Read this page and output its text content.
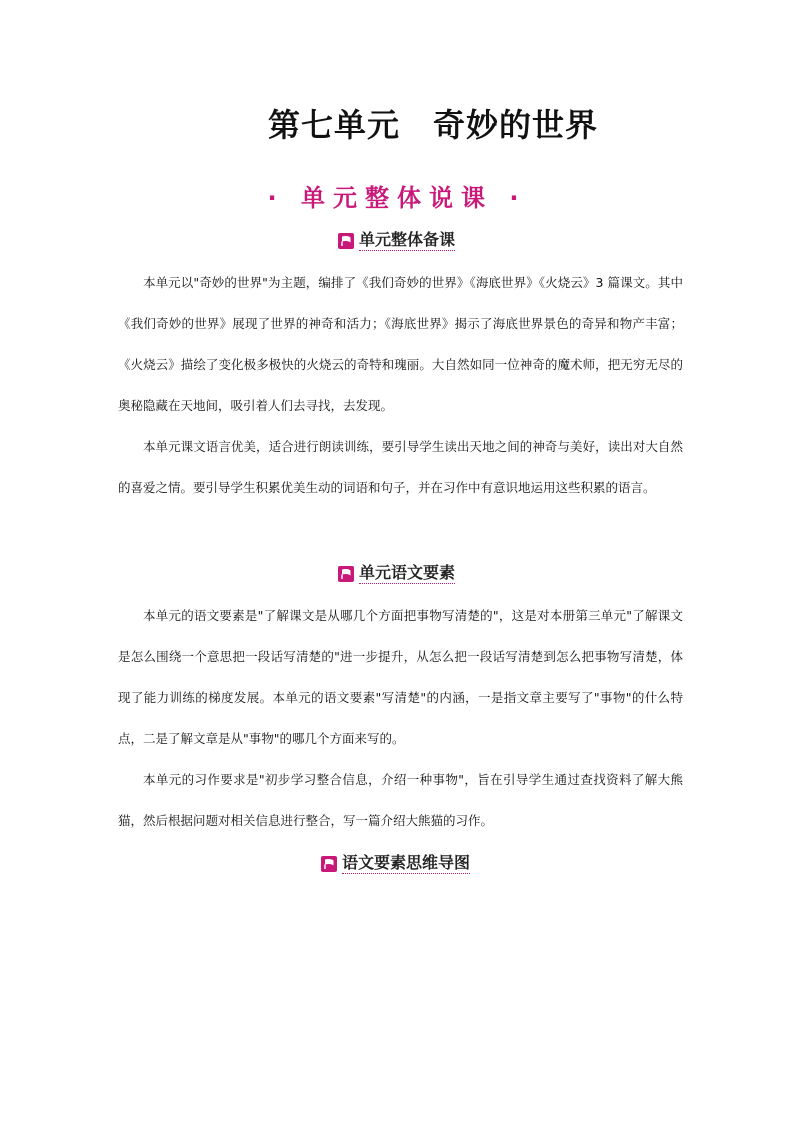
第七单元　奇妙的世界
· 单元整体说课 ·
单元整体备课

本单元以"奇妙的世界"为主题，编排了《我们奇妙的世界》《海底世界》《火烧云》3 篇课文。其中《我们奇妙的世界》展现了世界的神奇和活力；《海底世界》揭示了海底世界景色的奇异和物产丰富；《火烧云》描绘了变化极多极快的火烧云的奇特和瑰丽。大自然如同一位神奇的魔术师，把无穷无尽的奥秘隐藏在天地间，吸引着人们去寻找，去发现。

本单元课文语言优美，适合进行朗读训练，要引导学生读出天地之间的神奇与美好，读出对大自然的喜爱之情。要引导学生积累优美生动的词语和句子，并在习作中有意识地运用这些积累的语言。

单元语文要素

本单元的语文要素是"了解课文是从哪几个方面把事物写清楚的"，这是对本册第三单元"了解课文是怎么围绕一个意思把一段话写清楚的"进一步提升，从怎么把一段话写清楚到怎么把事物写清楚，体现了能力训练的梯度发展。本单元的语文要素"写清楚"的内涵，一是指文章主要写了"事物"的什么特点，二是了解文章是从"事物"的哪几个方面来写的。

本单元的习作要求是"初步学习整合信息，介绍一种事物"，旨在引导学生通过查找资料了解大熊猫，然后根据问题对相关信息进行整合，写一篇介绍大熊猫的习作。

语文要素思维导图
